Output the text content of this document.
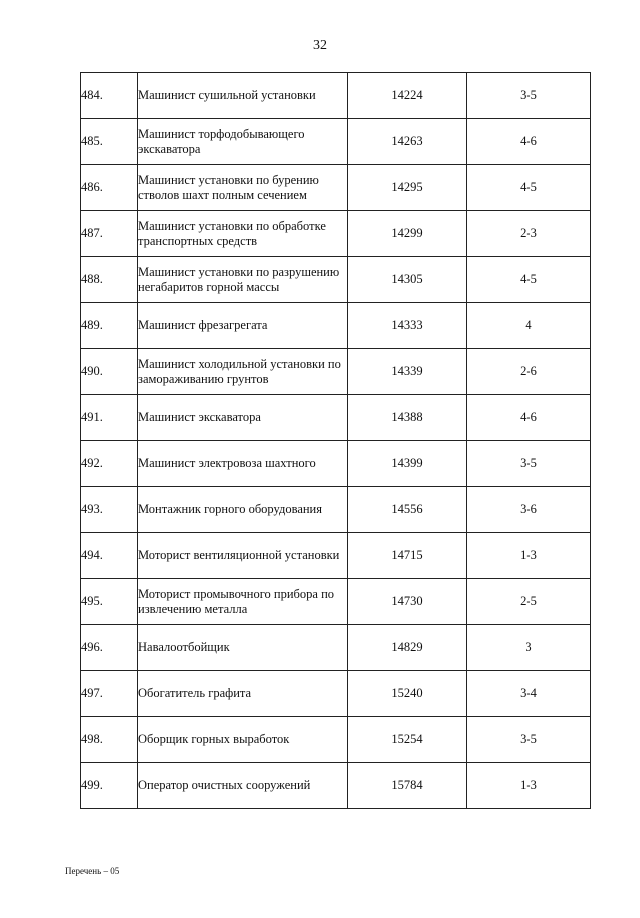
32
484.	Машинист сушильной установки	14224	3-5
485.	Машинист торфодобывающего экскаватора	14263	4-6
486.	Машинист установки по бурению стволов шахт полным сечением	14295	4-5
487.	Машинист установки по обработке транспортных средств	14299	2-3
488.	Машинист установки по разрушению негабаритов горной массы	14305	4-5
489.	Машинист фрезагрегата	14333	4
490.	Машинист холодильной установки по замораживанию грунтов	14339	2-6
491.	Машинист экскаватора	14388	4-6
492.	Машинист электровоза шахтного	14399	3-5
493.	Монтажник горного оборудования	14556	3-6
494.	Моторист вентиляционной установки	14715	1-3
495.	Моторист промывочного прибора по извлечению металла	14730	2-5
496.	Навалоотбойщик	14829	3
497.	Обогатитель графита	15240	3-4
498.	Оборщик горных выработок	15254	3-5
499.	Оператор очистных сооружений	15784	1-3
Перечень – 05
